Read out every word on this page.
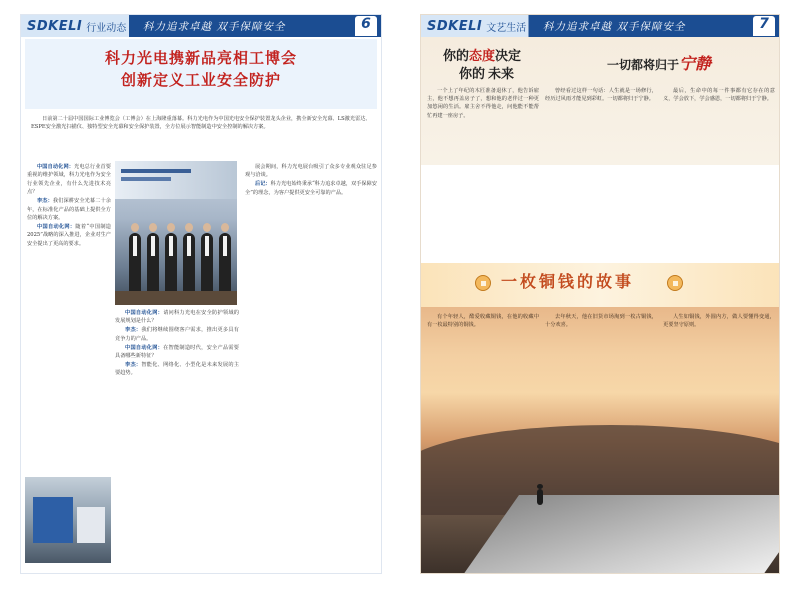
SDKELI 行业动态 科力追求卓越 双手保障安全	6
科力光电携新品亮相工博会
创新定义工业安全防护
日前第二十届中国国际工业博览会（工博会）在上海隆重落幕。科力光电作为中国光电安全保护装置龙头企业，携全新安全光幕、LS激光雷达、ESPE安全激光扫描仪、独特型安全光幕和安全保护装置，全方位展示智能制造中安全控制的解决方案。

中国自动化网：光电总行业首要重视的维护领域，科力光电作为安全行业领先企业，有什么先进技术亮点？

李杰：我们深耕安全光幕二十余年，在标准化产品的基础上提供全方位的解决方案。

中国自动化网：随着“中国制造2025”战略的深入推进，企业对生产安全提出了更高的要求。

中国自动化网：请问科力光电在安全防护领域的发展规划是什么？

李杰：我们将继续围绕客户需求，推出更多具有竞争力的产品。

中国自动化网：在智能制造时代，安全产品需要具备哪些新特征？

李杰：智能化、网络化、小型化是未来发展的主要趋势。

展会期间，科力光电展台吸引了众多专业观众驻足参观与洽谈。

后记：科力光电始终秉承“科力追求卓越，双手保障安全”的理念，为客户提供更安全可靠的产品。

SDKELI 文艺生活 科力追求卓越 双手保障安全	7
你的态度决定
你的 未来
一切都将归于宁静

一个上了年纪的木匠准备退休了，他告诉雇主，他不想再盖房子了，想和他的老伴过一种更加悠闲的生活。雇主舍不得他走，问他能不能帮忙再建一座房子。

曾经看过这样一句话：人生就是一场修行，经历过风雨才能见到彩虹。一切都将归于宁静。

最后，生命中的每一件事都有它存在的意义，学会放下，学会感恩，一切都将归于宁静。

一枚铜钱的故事

有个年轻人，酷爱收藏铜钱，在他的收藏中有一枚最特别的铜钱。

去年秋天，他在旧货市场淘到一枚古铜钱，十分欢喜。

人生如铜钱，外圆内方，做人要懂得变通，更要坚守原则。
